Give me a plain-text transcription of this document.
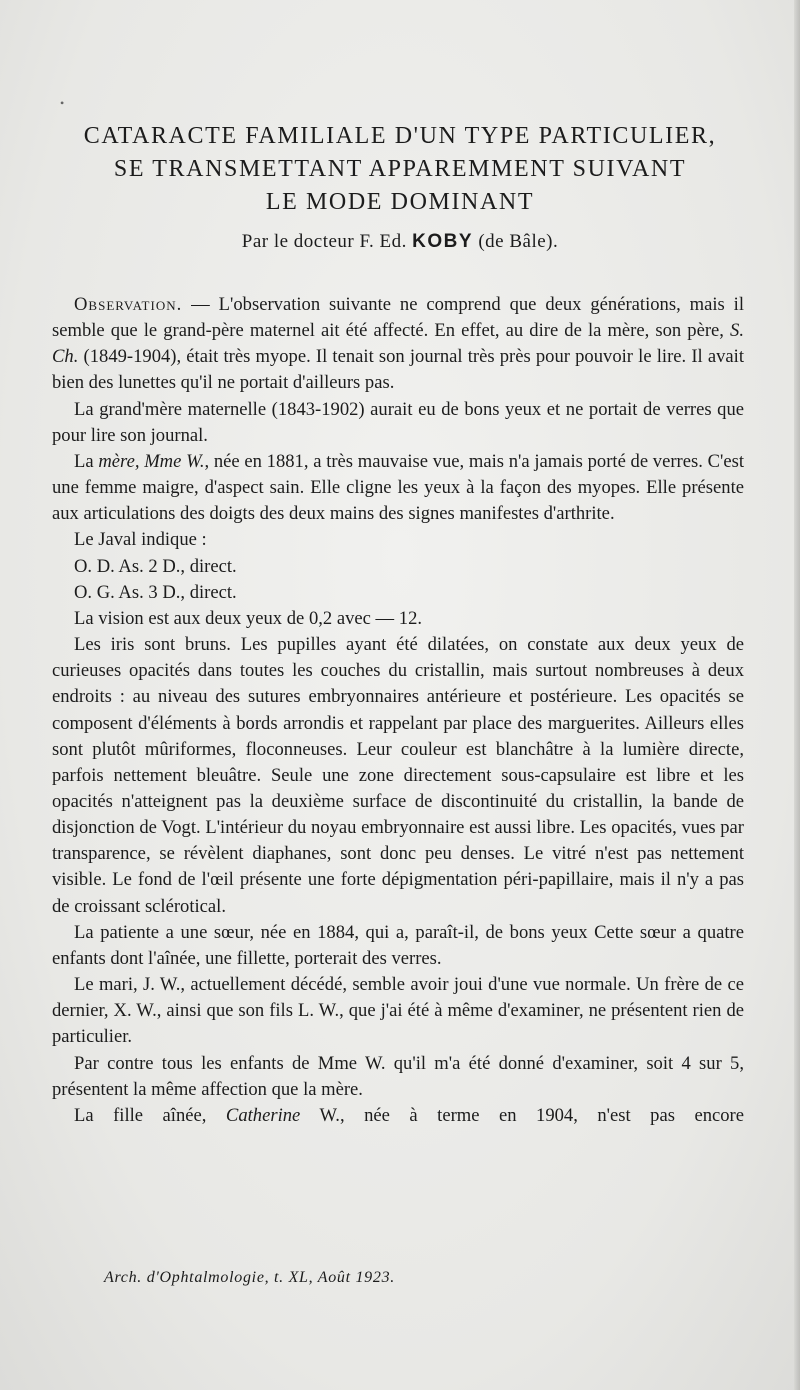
•
CATARACTE FAMILIALE D'UN TYPE PARTICULIER,
SE TRANSMETTANT APPAREMMENT SUIVANT
LE MODE DOMINANT
Par le docteur F. Ed. KOBY (de Bâle).

Observation. — L'observation suivante ne comprend que deux générations, mais il semble que le grand-père maternel ait été affecté. En effet, au dire de la mère, son père, S. Ch. (1849-1904), était très myope. Il tenait son journal très près pour pouvoir le lire. Il avait bien des lunettes qu'il ne portait d'ailleurs pas.

La grand'mère maternelle (1843-1902) aurait eu de bons yeux et ne portait de verres que pour lire son journal.

La mère, Mme W., née en 1881, a très mauvaise vue, mais n'a jamais porté de verres. C'est une femme maigre, d'aspect sain. Elle cligne les yeux à la façon des myopes. Elle présente aux articulations des doigts des deux mains des signes manifestes d'arthrite.

Le Javal indique :

O. D. As. 2 D., direct.

O. G. As. 3 D., direct.

La vision est aux deux yeux de 0,2 avec — 12.

Les iris sont bruns. Les pupilles ayant été dilatées, on constate aux deux yeux de curieuses opacités dans toutes les couches du cristallin, mais surtout nombreuses à deux endroits : au niveau des sutures embryonnaires antérieure et postérieure. Les opacités se composent d'éléments à bords arrondis et rappelant par place des marguerites. Ailleurs elles sont plutôt mûriformes, floconneuses. Leur couleur est blanchâtre à la lumière directe, parfois nettement bleuâtre. Seule une zone directement sous-capsulaire est libre et les opacités n'atteignent pas la deuxième surface de discontinuité du cristallin, la bande de disjonction de Vogt. L'intérieur du noyau embryonnaire est aussi libre. Les opacités, vues par transparence, se révèlent diaphanes, sont donc peu denses. Le vitré n'est pas nettement visible. Le fond de l'œil présente une forte dépigmentation péri-papillaire, mais il n'y a pas de croissant sclérotical.

La patiente a une sœur, née en 1884, qui a, paraît-il, de bons yeux Cette sœur a quatre enfants dont l'aînée, une fillette, porterait des verres.

Le mari, J. W., actuellement décédé, semble avoir joui d'une vue normale. Un frère de ce dernier, X. W., ainsi que son fils L. W., que j'ai été à même d'examiner, ne présentent rien de particulier.

Par contre tous les enfants de Mme W. qu'il m'a été donné d'examiner, soit 4 sur 5, présentent la même affection que la mère.

La fille aînée, Catherine W., née à terme en 1904, n'est pas encore

Arch. d'Ophtalmologie, t. XL, Août 1923.
